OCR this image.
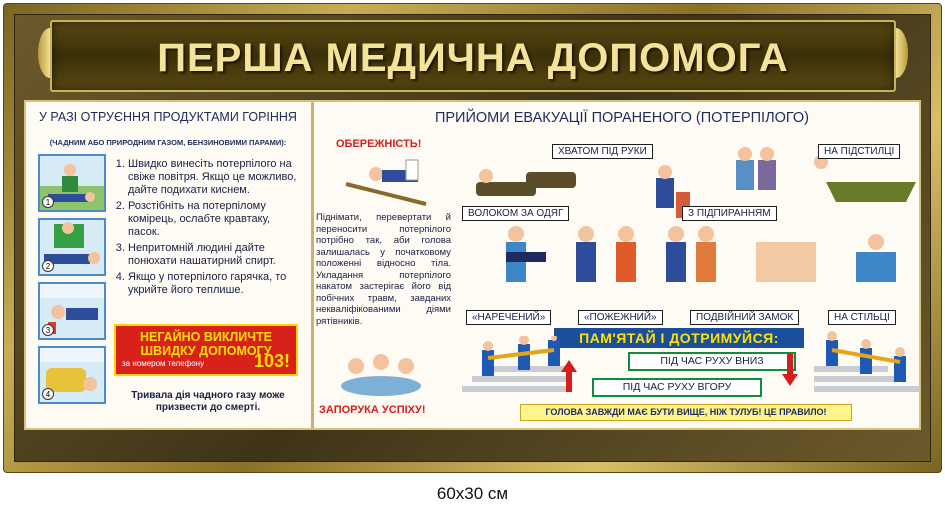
ПЕРША МЕДИЧНА ДОПОМОГА
У РАЗІ ОТРУЄННЯ ПРОДУКТАМИ ГОРІННЯ
(ЧАДНИМ АБО ПРИРОДНИМ ГАЗОМ, БЕНЗИНОВИМИ ПАРАМИ):
1
2
3
4
1. Швидко винесіть потерпілого на свіже повітря. Якщо це можливо, дайте подихати киснем.
2. Розстібніть на потерпілому комірець, ослабте кравтаку, пасок.
3. Непритомній людині дайте понюхати нашатирний спирт.
4. Якщо у потерпілого гарячка, то укрийте його теплише.
НЕГАЙНО ВИКЛИЧТЕ
ШВИДКУ ДОПОМОГУ
за номером телефону	103!
Тривала дія чадного газу може призвести до смерті.
ПРИЙОМИ ЕВАКУАЦІЇ ПОРАНЕНОГО (ПОТЕРПІЛОГО)
ОБЕРЕЖНІСТЬ!
Піднімати, перевертати й переносити потерпілого потрібно так, аби голова залишалась у початковому положенні відносно тіла. Укладання потерпілого накатом застерігає його від побічних травм, завданих некваліфікованими діями рятівників.
ЗАПОРУКА УСПІХУ!
ХВАТОМ ПІД РУКИ	НА ПІДСТИЛЦІ
ВОЛОКОМ ЗА ОДЯГ	З ПІДПИРАННЯМ
«НАРЕЧЕНИЙ»	«ПОЖЕЖНИЙ»	ПОДВІЙНИЙ ЗАМОК	НА СТІЛЬЦІ
ПАМ'ЯТАЙ І ДОТРИМУЙСЯ:
ПІД ЧАС РУХУ ВНИЗ
ПІД ЧАС РУХУ ВГОРУ
ГОЛОВА ЗАВЖДИ МАЄ БУТИ ВИЩЕ, НІЖ ТУЛУБ! ЦЕ ПРАВИЛО!
60x30 см
